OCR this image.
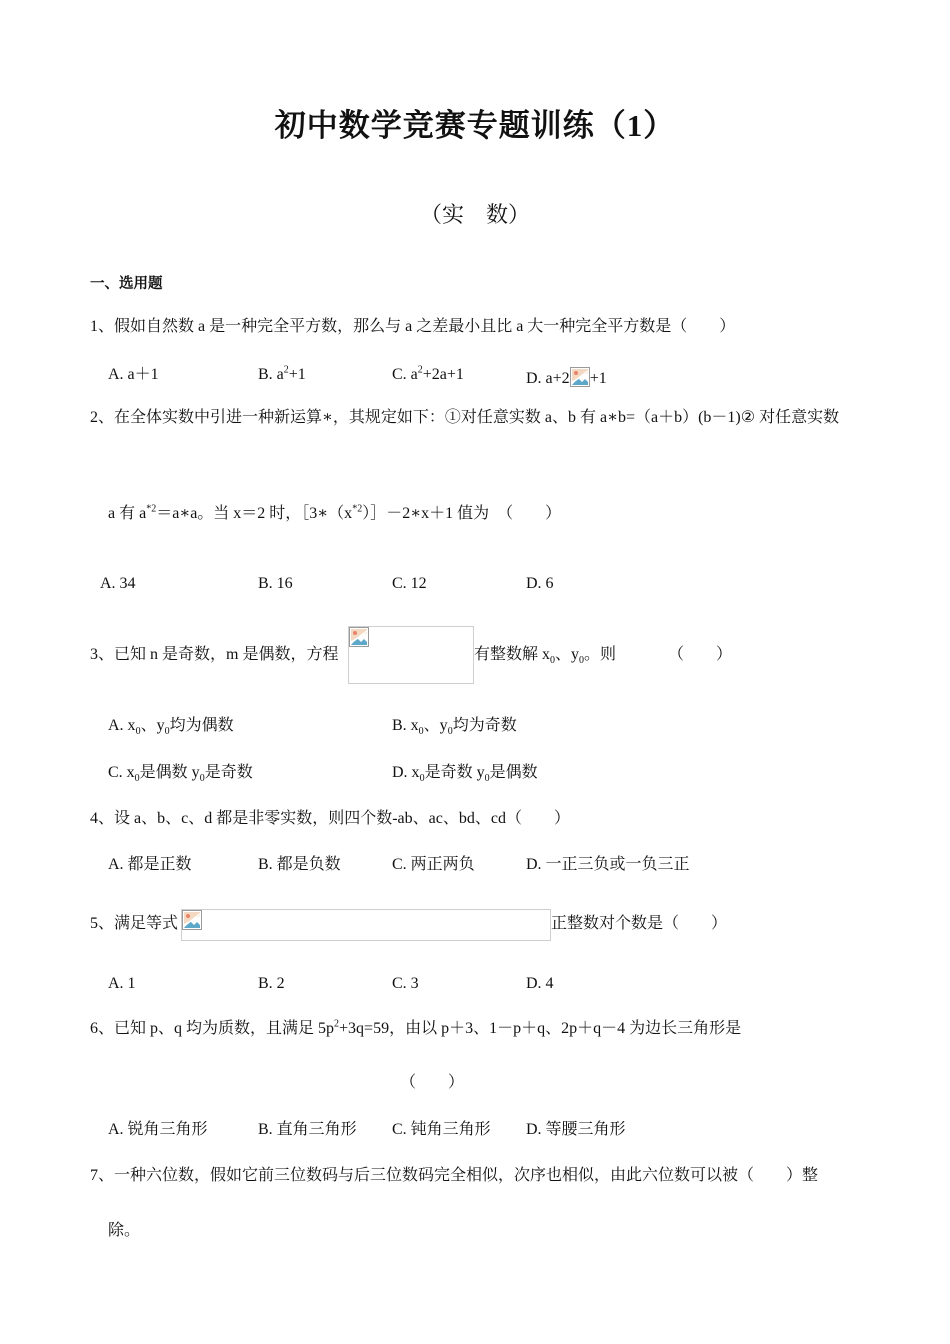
初中数学竞赛专题训练（1）
（实　数）
一、选用题
1、假如自然数 a 是一种完全平方数，那么与 a 之差最小且比 a 大一种完全平方数是（　　）
A. a＋1	B. $a^2+1$	C. $a^2+2a+1$	D. a+2 +1
2、在全体实数中引进一种新运算∗，其规定如下：①对任意实数 a、b 有 a∗b=（a＋b）(b－1)② 对任意实数
a 有 $a^{*2}=a∗a$。当 x＝2 时，$[3∗(x^{*2})]-2∗x+1$ 值为　（　　）
A. 34	B. 16	C. 12	D. 6
3、已知 n 是奇数，m 是偶数，方程	有整数解 $x_0$、$y_0$。则	（　　）
A. $x_0$、$y_0$均为偶数	B. $x_0$、$y_0$均为奇数
C. $x_0$是偶数 $y_0$是奇数	D. $x_0$是奇数 $y_0$是偶数
4、设 a、b、c、d 都是非零实数，则四个数-ab、ac、bd、cd（　　）
A. 都是正数	B. 都是负数	C. 两正两负	D. 一正三负或一负三正
5、满足等式	正整数对个数是（　　）
A. 1	B. 2	C. 3	D. 4
6、已知 p、q 均为质数，且满足 $5p^2+3q=59$，由以 p＋3、1－p＋q、2p＋q－4 为边长三角形是
（　　）
A. 锐角三角形	B. 直角三角形 C. 钝角三角形 D. 等腰三角形
7、一种六位数，假如它前三位数码与后三位数码完全相似，次序也相似，由此六位数可以被（　　）整
除。
